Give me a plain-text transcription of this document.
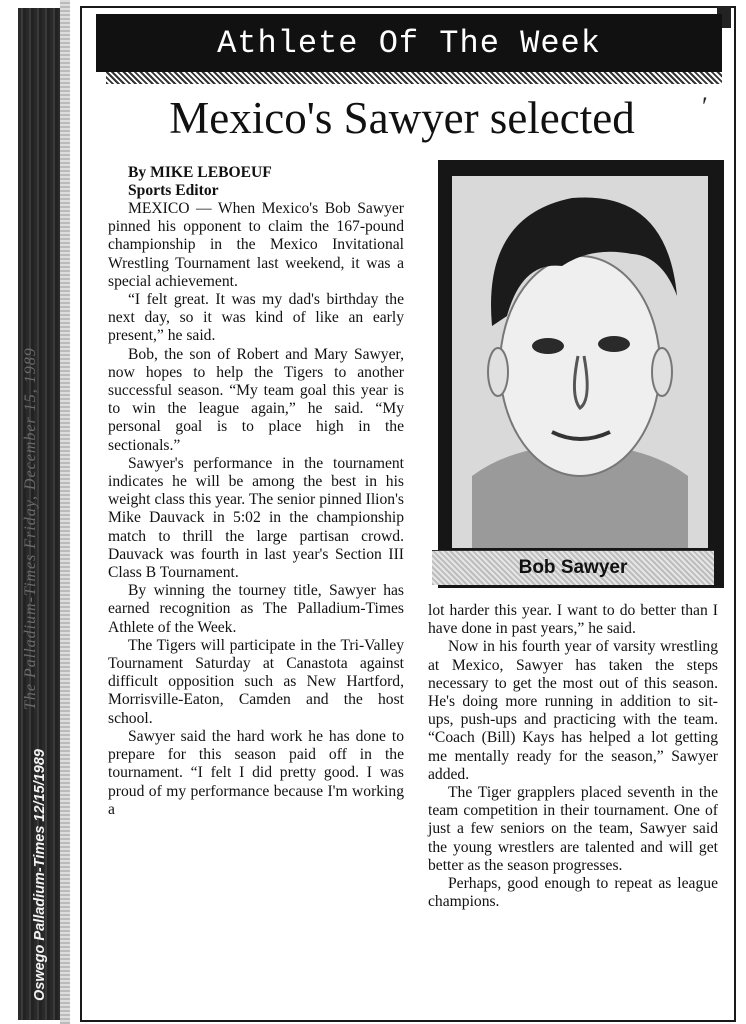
The Palladium-Times Friday, December 15, 1989
Oswego Palladium-Times 12/15/1989
Athlete Of The Week
Mexico's Sawyer selected	′

By MIKE LEBOEUF

Sports Editor

MEXICO — When Mexico's Bob Sawyer pinned his opponent to claim the 167-pound championship in the Mexico Invitational Wrestling Tournament last weekend, it was a special achievement.

“I felt great. It was my dad's birthday the next day, so it was kind of like an early present,” he said.

Bob, the son of Robert and Mary Sawyer, now hopes to help the Tigers to another successful season. “My team goal this year is to win the league again,” he said. “My personal goal is to place high in the sectionals.”

Sawyer's performance in the tournament indicates he will be among the best in his weight class this year. The senior pinned Ilion's Mike Dauvack in 5:02 in the championship match to thrill the large partisan crowd. Dauvack was fourth in last year's Section III Class B Tournament.

By winning the tourney title, Sawyer has earned recognition as The Palladium-Times Athlete of the Week.

The Tigers will participate in the Tri-Valley Tournament Saturday at Canastota against difficult opposition such as New Hartford, Morrisville-Eaton, Camden and the host school.

Sawyer said the hard work he has done to prepare for this season paid off in the tournament. “I felt I did pretty good. I was proud of my performance because I'm working a

Bob Sawyer

lot harder this year. I want to do better than I have done in past years,” he said.

Now in his fourth year of varsity wrestling at Mexico, Sawyer has taken the steps necessary to get the most out of this season. He's doing more running in addition to sit-ups, push-ups and practicing with the team. “Coach (Bill) Kays has helped a lot getting me mentally ready for the season,” Sawyer added.

The Tiger grapplers placed seventh in the team competition in their tournament. One of just a few seniors on the team, Sawyer said the young wrestlers are talented and will get better as the season progresses.

Perhaps, good enough to repeat as league champions.
